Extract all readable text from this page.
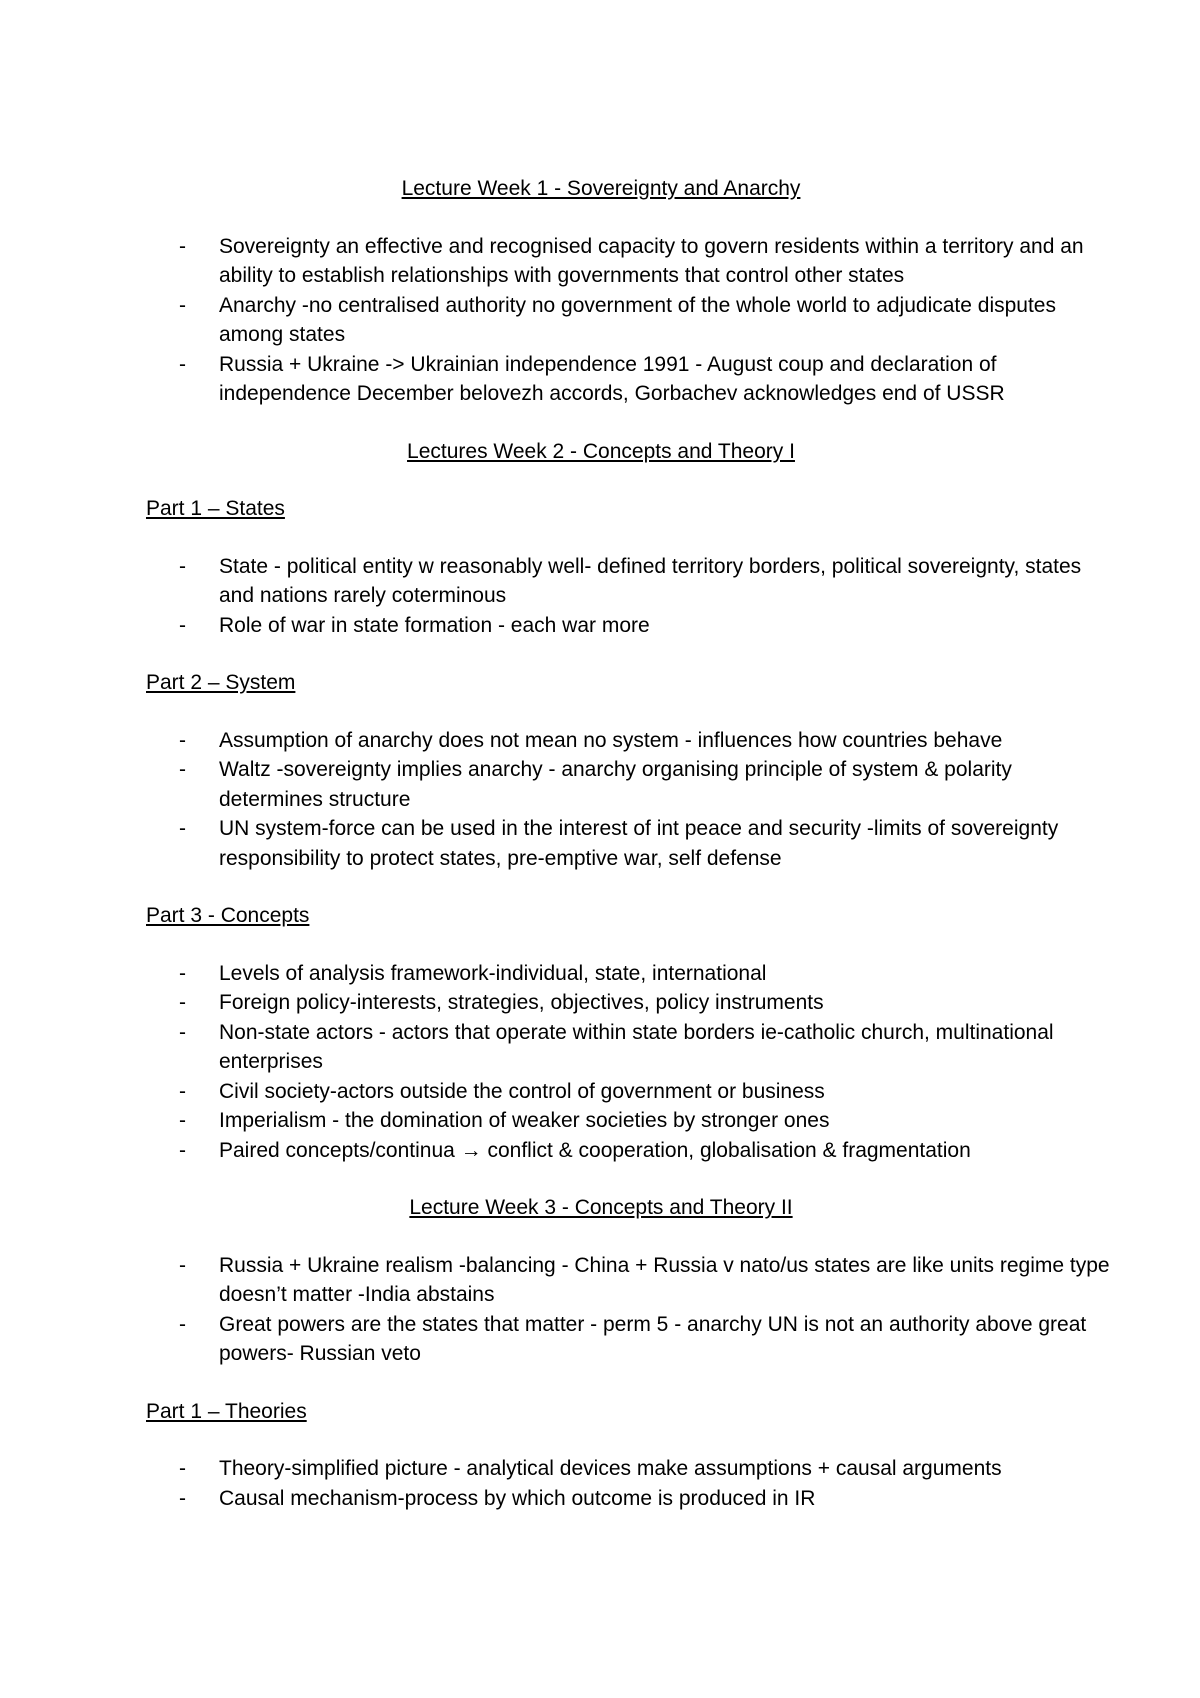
Lecture Week 1 - Sovereignty and Anarchy
- Sovereignty an effective and recognised capacity to govern residents within a territory and an ability to establish relationships with governments that control other states
- Anarchy -no centralised authority no government of the whole world to adjudicate disputes among states
- Russia + Ukraine -> Ukrainian independence 1991 - August coup and declaration of independence December belovezh accords, Gorbachev acknowledges end of USSR
Lectures Week 2 - Concepts and Theory I
Part 1 – States
- State - political entity w reasonably well- defined territory borders, political sovereignty, states and nations rarely coterminous
- Role of war in state formation - each war more
Part 2 – System
- Assumption of anarchy does not mean no system - influences how countries behave
- Waltz -sovereignty implies anarchy - anarchy organising principle of system & polarity determines structure
- UN system-force can be used in the interest of int peace and security -limits of sovereignty responsibility to protect states, pre-emptive war, self defense
Part 3 - Concepts
- Levels of analysis framework-individual, state, international
- Foreign policy-interests, strategies, objectives, policy instruments
- Non-state actors - actors that operate within state borders ie-catholic church, multinational enterprises
- Civil society-actors outside the control of government or business
- Imperialism - the domination of weaker societies by stronger ones
- Paired concepts/continua → conflict & cooperation, globalisation & fragmentation
Lecture Week 3 - Concepts and Theory II
- Russia + Ukraine realism -balancing - China + Russia v nato/us states are like units regime type doesn’t matter -India abstains
- Great powers are the states that matter - perm 5 - anarchy UN is not an authority above great powers- Russian veto
Part 1 – Theories
- Theory-simplified picture - analytical devices make assumptions + causal arguments
- Causal mechanism-process by which outcome is produced in IR
